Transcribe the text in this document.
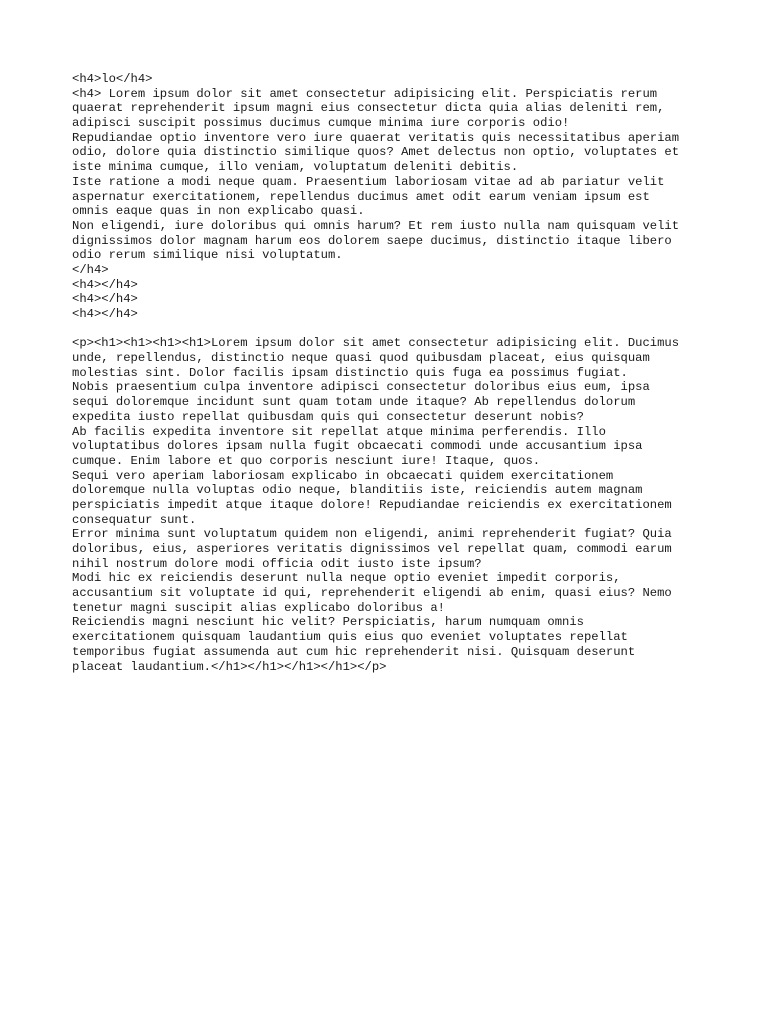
<h4>lo</h4>
<h4> Lorem ipsum dolor sit amet consectetur adipisicing elit. Perspiciatis rerum
quaerat reprehenderit ipsum magni eius consectetur dicta quia alias deleniti rem,
adipisci suscipit possimus ducimus cumque minima iure corporis odio!
Repudiandae optio inventore vero iure quaerat veritatis quis necessitatibus aperiam
odio, dolore quia distinctio similique quos? Amet delectus non optio, voluptates et
iste minima cumque, illo veniam, voluptatum deleniti debitis.
Iste ratione a modi neque quam. Praesentium laboriosam vitae ad ab pariatur velit
aspernatur exercitationem, repellendus ducimus amet odit earum veniam ipsum est
omnis eaque quas in non explicabo quasi.
Non eligendi, iure doloribus qui omnis harum? Et rem iusto nulla nam quisquam velit
dignissimos dolor magnam harum eos dolorem saepe ducimus, distinctio itaque libero
odio rerum similique nisi voluptatum.
</h4>
<h4></h4>
<h4></h4>
<h4></h4>
<p><h1><h1><h1><h1>Lorem ipsum dolor sit amet consectetur adipisicing elit. Ducimus
unde, repellendus, distinctio neque quasi quod quibusdam placeat, eius quisquam
molestias sint. Dolor facilis ipsam distinctio quis fuga ea possimus fugiat.
Nobis praesentium culpa inventore adipisci consectetur doloribus eius eum, ipsa
sequi doloremque incidunt sunt quam totam unde itaque? Ab repellendus dolorum
expedita iusto repellat quibusdam quis qui consectetur deserunt nobis?
Ab facilis expedita inventore sit repellat atque minima perferendis. Illo
voluptatibus dolores ipsam nulla fugit obcaecati commodi unde accusantium ipsa
cumque. Enim labore et quo corporis nesciunt iure! Itaque, quos.
Sequi vero aperiam laboriosam explicabo in obcaecati quidem exercitationem
doloremque nulla voluptas odio neque, blanditiis iste, reiciendis autem magnam
perspiciatis impedit atque itaque dolore! Repudiandae reiciendis ex exercitationem
consequatur sunt.
Error minima sunt voluptatum quidem non eligendi, animi reprehenderit fugiat? Quia
doloribus, eius, asperiores veritatis dignissimos vel repellat quam, commodi earum
nihil nostrum dolore modi officia odit iusto iste ipsum?
Modi hic ex reiciendis deserunt nulla neque optio eveniet impedit corporis,
accusantium sit voluptate id qui, reprehenderit eligendi ab enim, quasi eius? Nemo
tenetur magni suscipit alias explicabo doloribus a!
Reiciendis magni nesciunt hic velit? Perspiciatis, harum numquam omnis
exercitationem quisquam laudantium quis eius quo eveniet voluptates repellat
temporibus fugiat assumenda aut cum hic reprehenderit nisi. Quisquam deserunt
placeat laudantium.</h1></h1></h1></h1></p>
